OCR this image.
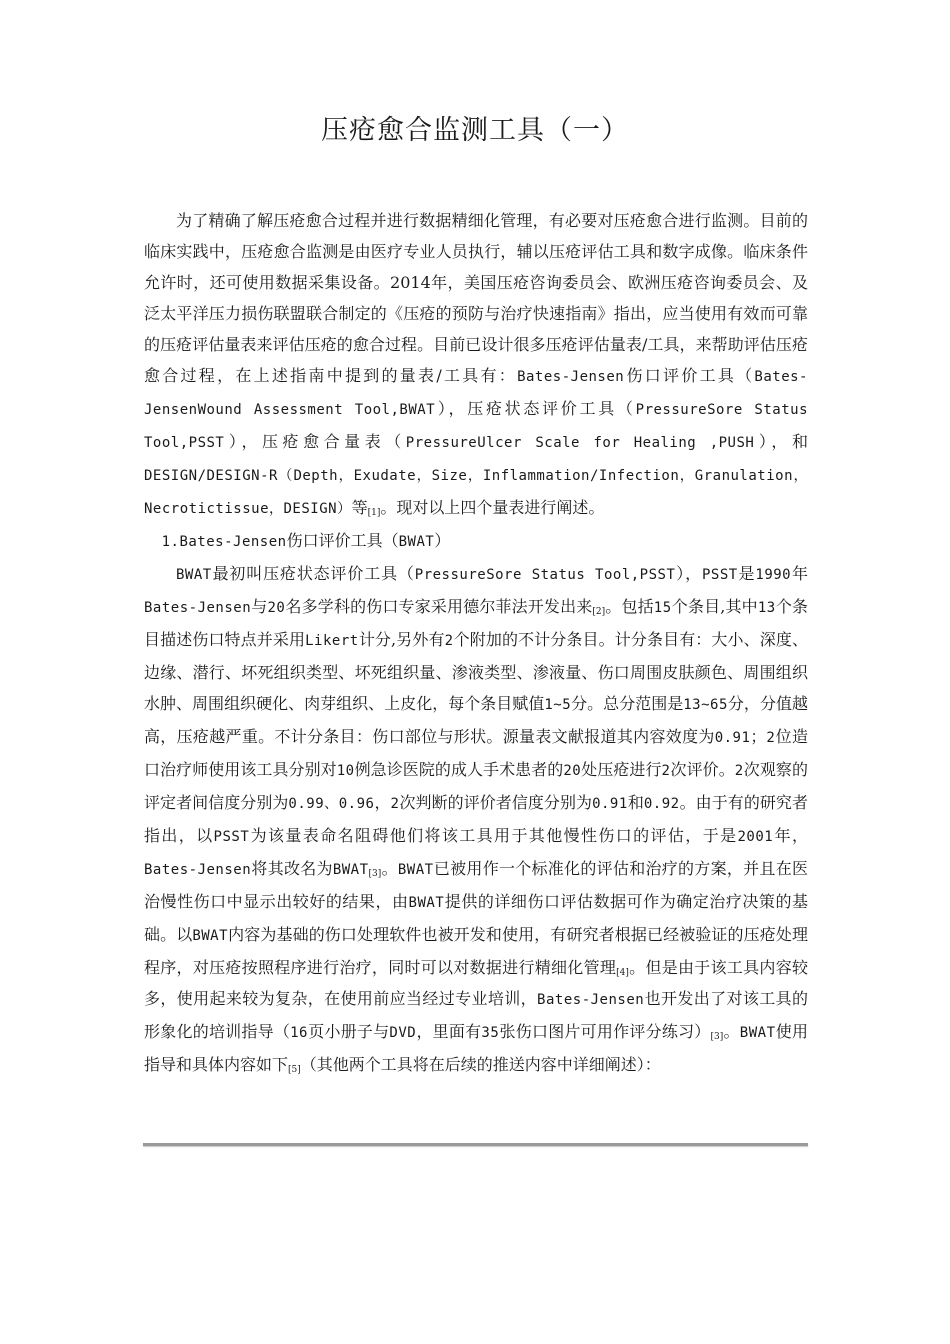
压疮愈合监测工具（一）

为了精确了解压疮愈合过程并进行数据精细化管理，有必要对压疮愈合进行监测。目前的临床实践中，压疮愈合监测是由医疗专业人员执行，辅以压疮评估工具和数字成像。临床条件允许时，还可使用数据采集设备。2014年，美国压疮咨询委员会、欧洲压疮咨询委员会、及泛太平洋压力损伤联盟联合制定的《压疮的预防与治疗快速指南》指出，应当使用有效而可靠的压疮评估量表来评估压疮的愈合过程。目前已设计很多压疮评估量表/工具，来帮助评估压疮愈合过程，在上述指南中提到的量表/工具有：Bates-Jensen伤口评价工具（Bates-JensenWound Assessment Tool,BWAT），压疮状态评价工具（PressureSore Status Tool,PSST），压疮愈合量表（PressureUlcer Scale for Healing ,PUSH），和DESIGN/DESIGN-R（Depth，Exudate，Size，Inflammation/Infection，Granulation，Necrotictissue，DESIGN）等$_{[1]}$。现对以上四个量表进行阐述。

1.Bates-Jensen伤口评价工具（BWAT）

BWAT最初叫压疮状态评价工具（PressureSore Status Tool,PSST），PSST是1990年Bates-Jensen与20名多学科的伤口专家采用德尔菲法开发出来$_{[2]}$。包括15个条目,其中13个条目描述伤口特点并采用Likert计分,另外有2个附加的不计分条目。计分条目有：大小、深度、边缘、潜行、坏死组织类型、坏死组织量、渗液类型、渗液量、伤口周围皮肤颜色、周围组织水肿、周围组织硬化、肉芽组织、上皮化，每个条目赋值1~5分。总分范围是13~65分，分值越高，压疮越严重。不计分条目：伤口部位与形状。源量表文献报道其内容效度为0.91；2位造口治疗师使用该工具分别对10例急诊医院的成人手术患者的20处压疮进行2次评价。2次观察的评定者间信度分别为0.99、0.96，2次判断的评价者信度分别为0.91和0.92。由于有的研究者指出，以PSST为该量表命名阻碍他们将该工具用于其他慢性伤口的评估，于是2001年，Bates-Jensen将其改名为$BWAT_{[3]}$。BWAT已被用作一个标准化的评估和治疗的方案，并且在医治慢性伤口中显示出较好的结果，由BWAT提供的详细伤口评估数据可作为确定治疗决策的基础。以BWAT内容为基础的伤口处理软件也被开发和使用，有研究者根据已经被验证的压疮处理程序，对压疮按照程序进行治疗，同时可以对数据进行精细化管理$_{[4]}$。但是由于该工具内容较多，使用起来较为复杂，在使用前应当经过专业培训，Bates-Jensen也开发出了对该工具的形象化的培训指导（16页小册子与DVD，里面有35张伤口图片可用作评分练习）$_{[3]}$。BWAT使用指导和具体内容如下$_{[5]}$（其他两个工具将在后续的推送内容中详细阐述）：
